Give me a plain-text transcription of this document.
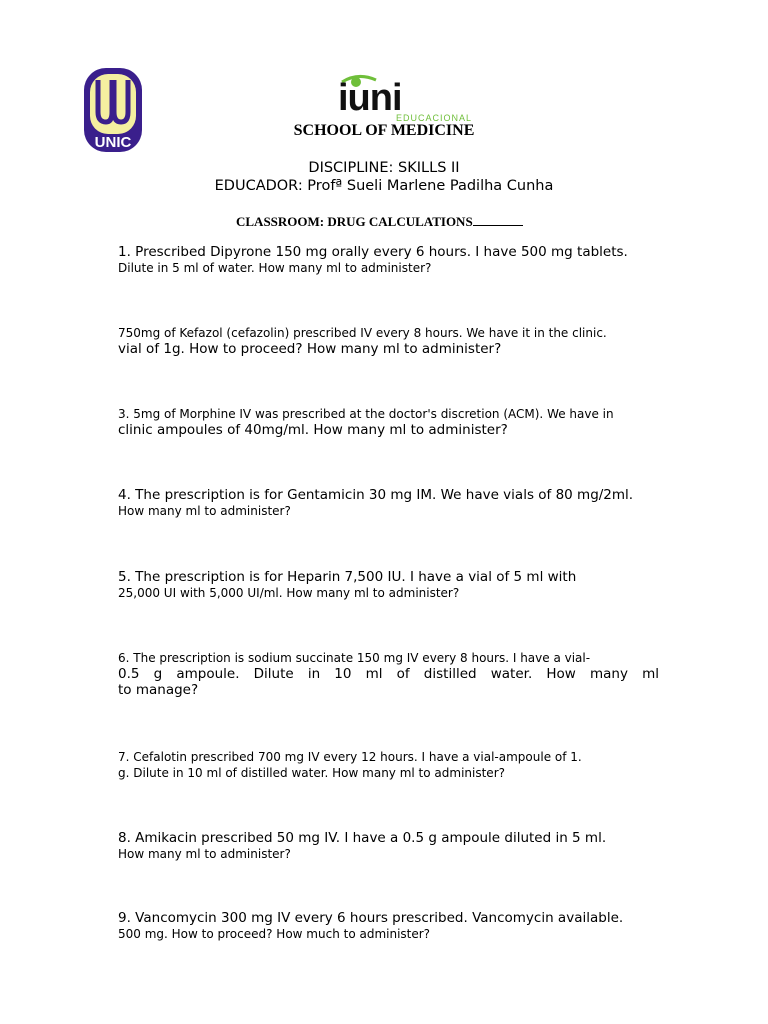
UNIC
iuni
EDUCACIONAL
SCHOOL OF MEDICINE
DISCIPLINE: SKILLS II
EDUCADOR: Profª Sueli Marlene Padilha Cunha
CLASSROOM: DRUG CALCULATIONS
1. Prescribed Dipyrone 150 mg orally every 6 hours. I have 500 mg tablets.
Dilute in 5 ml of water. How many ml to administer?
750mg of Kefazol (cefazolin) prescribed IV every 8 hours. We have it in the clinic.
vial of 1g. How to proceed? How many ml to administer?
3. 5mg of Morphine IV was prescribed at the doctor's discretion (ACM). We have in
clinic ampoules of 40mg/ml. How many ml to administer?
4. The prescription is for Gentamicin 30 mg IM. We have vials of 80 mg/2ml.
How many ml to administer?
5. The prescription is for Heparin 7,500 IU. I have a vial of 5 ml with
25,000 UI with 5,000 UI/ml. How many ml to administer?
6. The prescription is sodium succinate 150 mg IV every 8 hours. I have a vial-
0.5 g ampoule. Dilute in 10 ml of distilled water. How many ml
to manage?
7. Cefalotin prescribed 700 mg IV every 12 hours. I have a vial-ampoule of 1.
g. Dilute in 10 ml of distilled water. How many ml to administer?
8. Amikacin prescribed 50 mg IV. I have a 0.5 g ampoule diluted in 5 ml.
How many ml to administer?
9. Vancomycin 300 mg IV every 6 hours prescribed. Vancomycin available.
500 mg. How to proceed? How much to administer?
